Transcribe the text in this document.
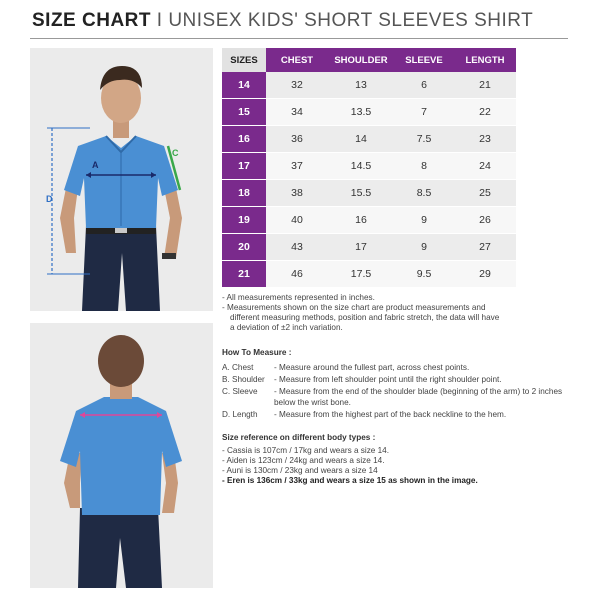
SIZE CHART I UNISEX KIDS' SHORT SLEEVES SHIRT
A
C
D
SIZES	CHEST	SHOULDER	SLEEVE	LENGTH
14	32	13	6	21
15	34	13.5	7	22
16	36	14	7.5	23
17	37	14.5	8	24
18	38	15.5	8.5	25
19	40	16	9	26
20	43	17	9	27
21	46	17.5	9.5	29

- All measurements represented in inches.

- Measurements shown on the size chart are product measurements and

different measuring methods, position and fabric stretch, the data will have

a deviation of ±2 inch variation.

How To Measure :
A. Chest	- Measure around the fullest part, across chest points.
B. Shoulder	- Measure from left shoulder point until the right shoulder point.
C. Sleeve	- Measure from the end of the shoulder blade (beginning of the arm) to 2 inches below the wrist bone.
D. Length	- Measure from the highest part of the back neckline to the hem.
Size reference on different body types :

- Cassia is 107cm / 17kg and wears a size 14.

- Aiden is 123cm / 24kg and wears a size 14.

- Auni is 130cm / 23kg and wears a size 14

- Eren is 136cm / 33kg and wears a size 15 as shown in the image.
